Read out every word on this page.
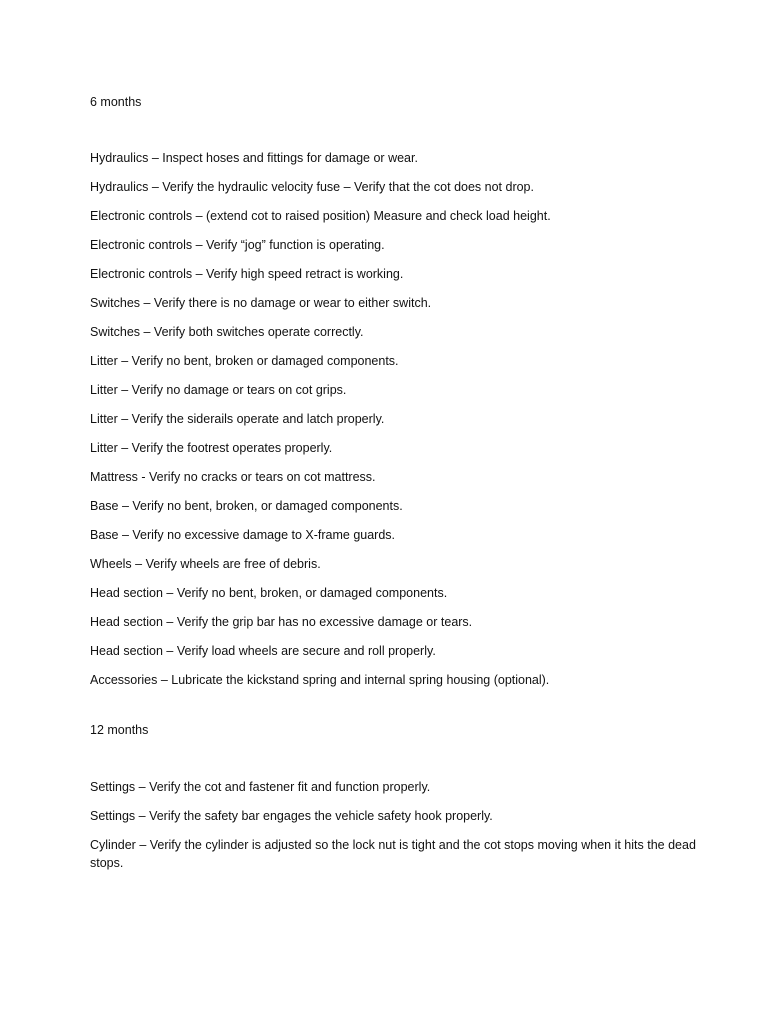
6 months

Hydraulics – Inspect hoses and fittings for damage or wear.

Hydraulics – Verify the hydraulic velocity fuse – Verify that the cot does not drop.

Electronic controls – (extend cot to raised position) Measure and check load height.

Electronic controls – Verify “jog” function is operating.

Electronic controls – Verify high speed retract is working.

Switches – Verify there is no damage or wear to either switch.

Switches – Verify both switches operate correctly.

Litter – Verify no bent, broken or damaged components.

Litter – Verify no damage or tears on cot grips.

Litter – Verify the siderails operate and latch properly.

Litter – Verify the footrest operates properly.

Mattress - Verify no cracks or tears on cot mattress.

Base – Verify no bent, broken, or damaged components.

Base – Verify no excessive damage to X-frame guards.

Wheels – Verify wheels are free of debris.

Head section – Verify no bent, broken, or damaged components.

Head section – Verify the grip bar has no excessive damage or tears.

Head section – Verify load wheels are secure and roll properly.

Accessories – Lubricate the kickstand spring and internal spring housing (optional).

12 months

Settings – Verify the cot and fastener fit and function properly.

Settings – Verify the safety bar engages the vehicle safety hook properly.

Cylinder – Verify the cylinder is adjusted so the lock nut is tight and the cot stops moving when it hits the dead stops.
